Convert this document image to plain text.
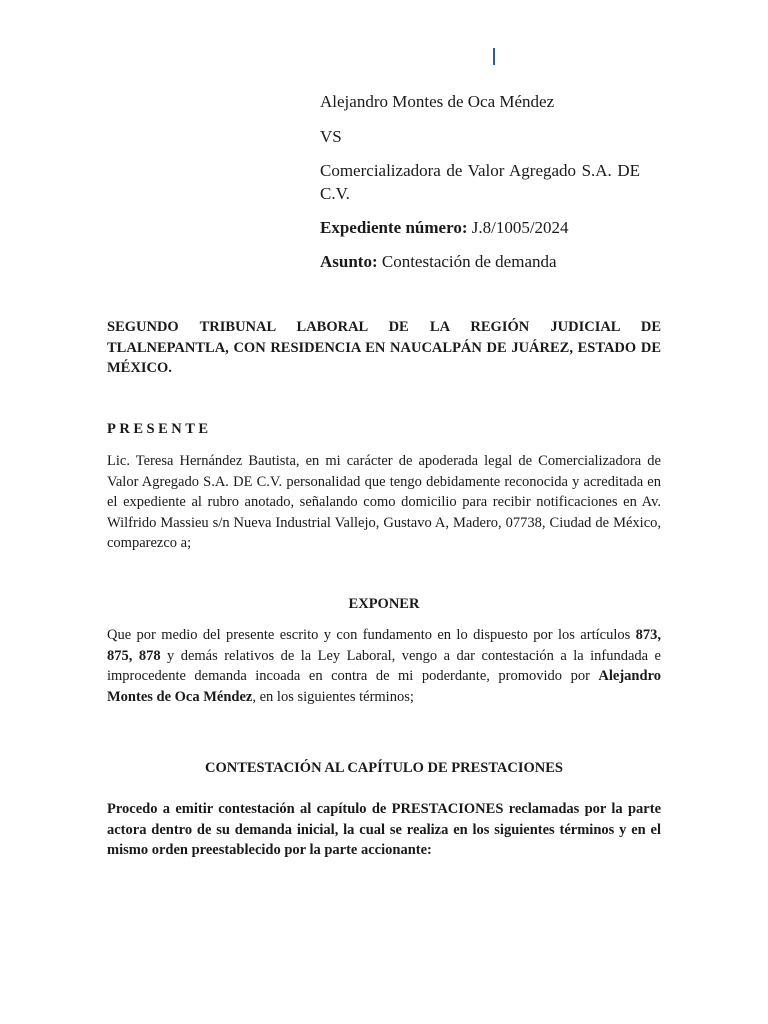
Alejandro Montes de Oca Méndez

VS

Comercializadora de Valor Agregado S.A. DE C.V.

Expediente número: J.8/1005/2024

Asunto: Contestación de demanda

SEGUNDO TRIBUNAL LABORAL DE LA REGIÓN JUDICIAL DE TLALNEPANTLA, CON RESIDENCIA EN NAUCALPÁN DE JUÁREZ, ESTADO DE MÉXICO.

PRESENTE

Lic. Teresa Hernández Bautista, en mi carácter de apoderada legal de Comercializadora de Valor Agregado S.A. DE C.V. personalidad que tengo debidamente reconocida y acreditada en el expediente al rubro anotado, señalando como domicilio para recibir notificaciones en Av. Wilfrido Massieu s/n Nueva Industrial Vallejo, Gustavo A, Madero, 07738, Ciudad de México, comparezco a;

EXPONER

Que por medio del presente escrito y con fundamento en lo dispuesto por los artículos 873, 875, 878 y demás relativos de la Ley Laboral, vengo a dar contestación a la infundada e improcedente demanda incoada en contra de mi poderdante, promovido por Alejandro Montes de Oca Méndez, en los siguientes términos;

CONTESTACIÓN AL CAPÍTULO DE PRESTACIONES

Procedo a emitir contestación al capítulo de PRESTACIONES reclamadas por la parte actora dentro de su demanda inicial, la cual se realiza en los siguientes términos y en el mismo orden preestablecido por la parte accionante:
